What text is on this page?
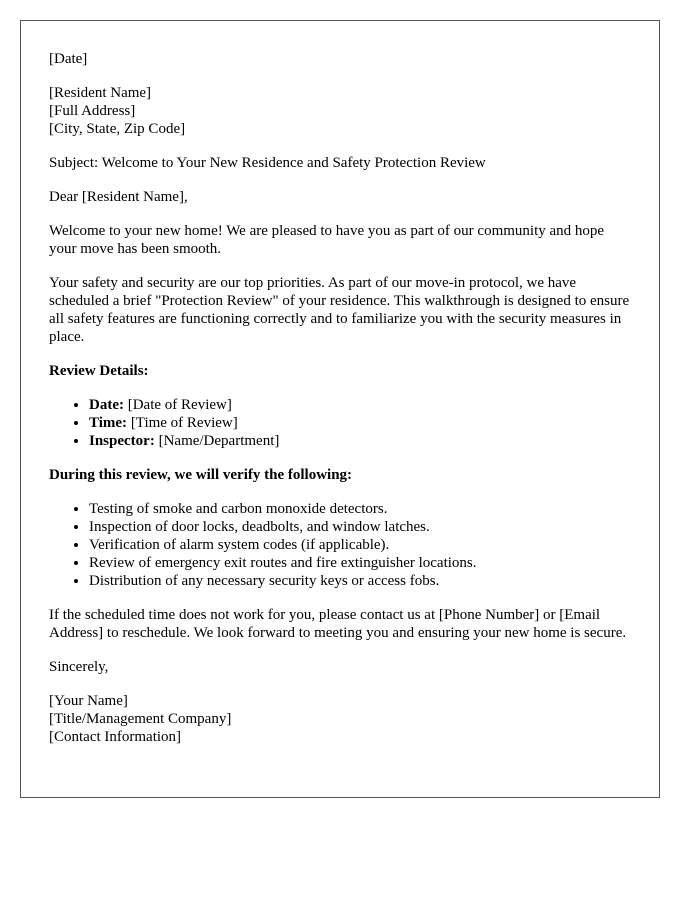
[Date]

[Resident Name]

[Full Address]

[City, State, Zip Code]

Subject: Welcome to Your New Residence and Safety Protection Review

Dear [Resident Name],

Welcome to your new home! We are pleased to have you as part of our community and hope your move has been smooth.

Your safety and security are our top priorities. As part of our move-in protocol, we have scheduled a brief "Protection Review" of your residence. This walkthrough is designed to ensure all safety features are functioning correctly and to familiarize you with the security measures in place.

Review Details:

• Date: [Date of Review]
• Time: [Time of Review]
• Inspector: [Name/Department]

During this review, we will verify the following:

• Testing of smoke and carbon monoxide detectors.
• Inspection of door locks, deadbolts, and window latches.
• Verification of alarm system codes (if applicable).
• Review of emergency exit routes and fire extinguisher locations.
• Distribution of any necessary security keys or access fobs.

If the scheduled time does not work for you, please contact us at [Phone Number] or [Email Address] to reschedule. We look forward to meeting you and ensuring your new home is secure.

Sincerely,

[Your Name]

[Title/Management Company]

[Contact Information]
